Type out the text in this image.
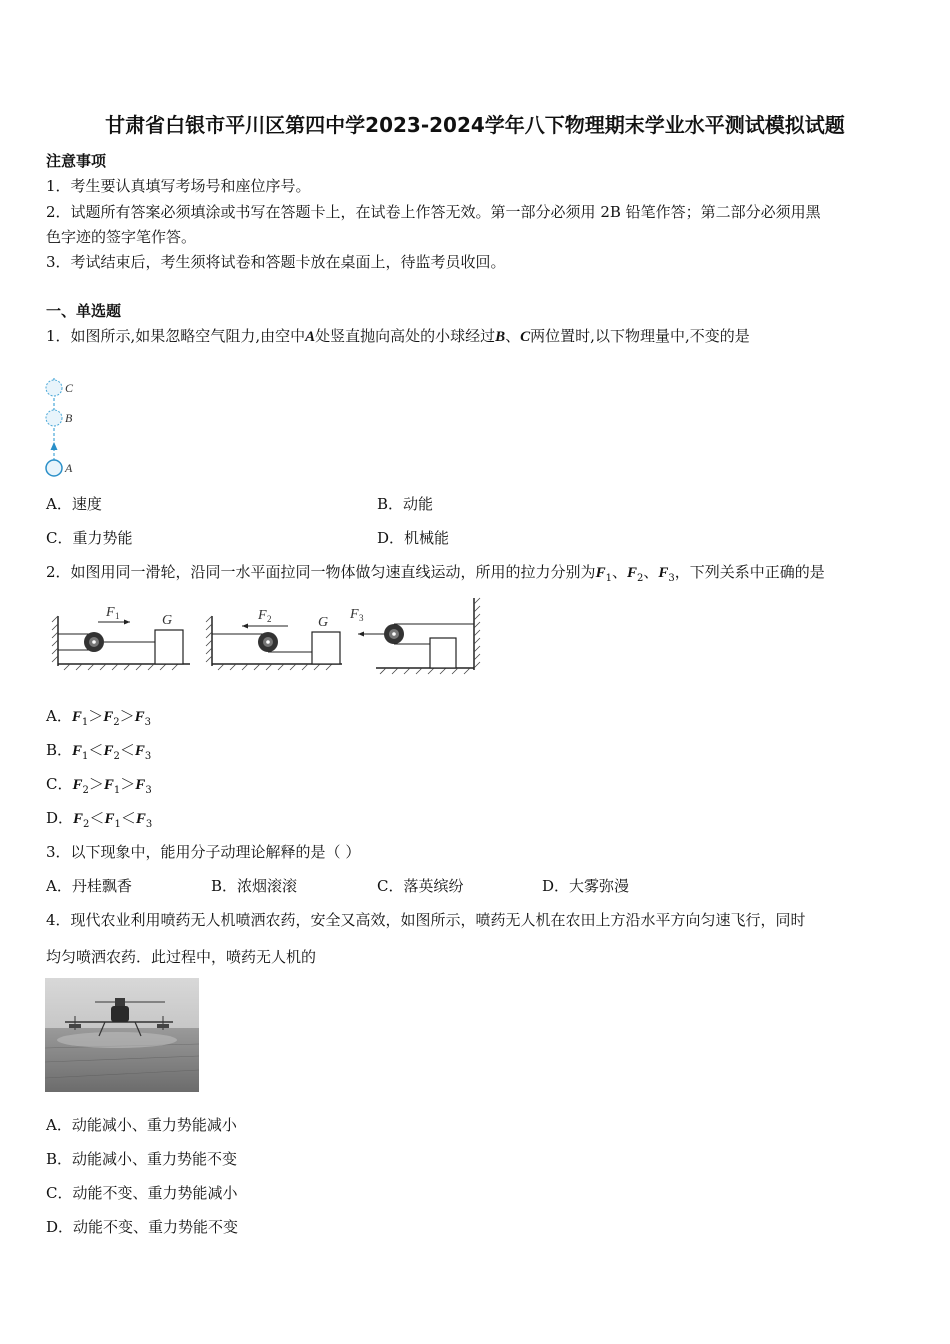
甘肃省白银市平川区第四中学2023-2024学年八下物理期末学业水平测试模拟试题
注意事项
1．考生要认真填写考场号和座位序号。
2．试题所有答案必须填涂或书写在答题卡上，在试卷上作答无效。第一部分必须用 2B 铅笔作答；第二部分必须用黑
色字迹的签字笔作答。
3．考试结束后，考生须将试卷和答题卡放在桌面上，待监考员收回。
一、单选题
1．如图所示,如果忽略空气阻力,由空中A处竖直抛向高处的小球经过B、C两位置时,以下物理量中,不变的是
C
B
A
A．速度	B．动能
C．重力势能	D．机械能
2．如图用同一滑轮，沿同一水平面拉同一物体做匀速直线运动，所用的拉力分别为$F_1$、$F_2$、$F_3$，下列关系中正确的是
F 1	G	F 2	G
F 3
A．$F_1>F_2>F_3$
B．$F_1<F_2<F_3$
C．$F_2>F_1>F_3$
D．$F_2<F_1<F_3$
3．以下现象中，能用分子动理论解释的是（ ）
A．丹桂飘香	B．浓烟滚滚	C．落英缤纷	D．大雾弥漫
4．现代农业利用喷药无人机喷洒农药，安全又高效，如图所示，喷药无人机在农田上方沿水平方向匀速飞行，同时
均匀喷洒农药．此过程中，喷药无人机的
A．动能减小、重力势能减小
B．动能减小、重力势能不变
C．动能不变、重力势能减小
D．动能不变、重力势能不变
